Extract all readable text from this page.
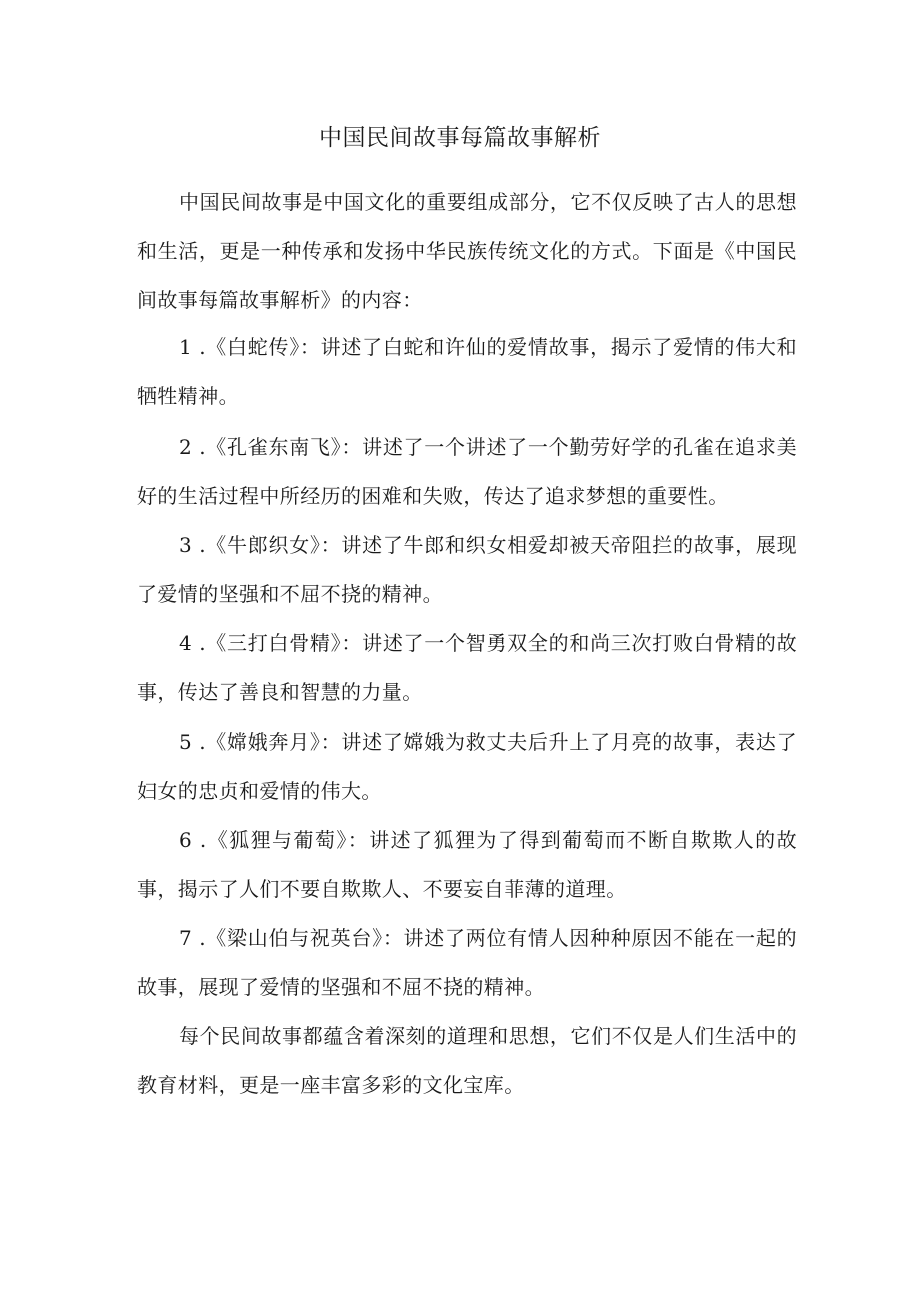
中国民间故事每篇故事解析

中国民间故事是中国文化的重要组成部分，它不仅反映了古人的思想和生活，更是一种传承和发扬中华民族传统文化的方式。下面是《中国民间故事每篇故事解析》的内容：

1 .《白蛇传》：讲述了白蛇和许仙的爱情故事，揭示了爱情的伟大和牺牲精神。

2 .《孔雀东南飞》：讲述了一个讲述了一个勤劳好学的孔雀在追求美好的生活过程中所经历的困难和失败，传达了追求梦想的重要性。

3 .《牛郎织女》：讲述了牛郎和织女相爱却被天帝阻拦的故事，展现了爱情的坚强和不屈不挠的精神。

4 .《三打白骨精》：讲述了一个智勇双全的和尚三次打败白骨精的故事，传达了善良和智慧的力量。

5 .《嫦娥奔月》：讲述了嫦娥为救丈夫后升上了月亮的故事，表达了妇女的忠贞和爱情的伟大。

6 .《狐狸与葡萄》：讲述了狐狸为了得到葡萄而不断自欺欺人的故事，揭示了人们不要自欺欺人、不要妄自菲薄的道理。

7 .《梁山伯与祝英台》：讲述了两位有情人因种种原因不能在一起的故事，展现了爱情的坚强和不屈不挠的精神。

每个民间故事都蕴含着深刻的道理和思想，它们不仅是人们生活中的教育材料，更是一座丰富多彩的文化宝库。
